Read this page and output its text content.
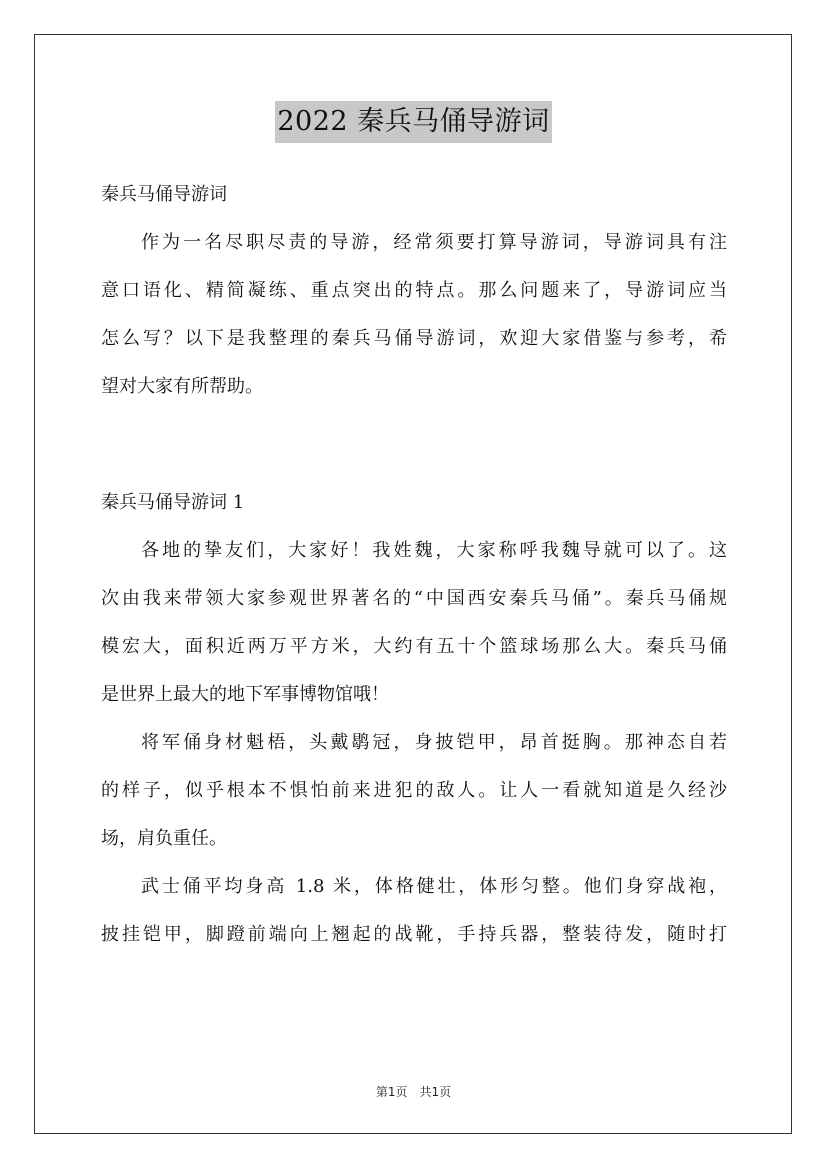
2022 秦兵马俑导游词
秦兵马俑导游词
作为一名尽职尽责的导游，经常须要打算导游词，导游词具有注
意口语化、精简凝练、重点突出的特点。那么问题来了，导游词应当
怎么写？以下是我整理的秦兵马俑导游词，欢迎大家借鉴与参考，希
望对大家有所帮助。
秦兵马俑导游词 1
各地的挚友们，大家好！我姓魏，大家称呼我魏导就可以了。这
次由我来带领大家参观世界著名的“中国西安秦兵马俑”。秦兵马俑规
模宏大，面积近两万平方米，大约有五十个篮球场那么大。秦兵马俑
是世界上最大的地下军事博物馆哦！
将军俑身材魁梧，头戴鹖冠，身披铠甲，昂首挺胸。那神态自若
的样子，似乎根本不惧怕前来进犯的敌人。让人一看就知道是久经沙
场，肩负重任。
武士俑平均身高 1.8 米，体格健壮，体形匀整。他们身穿战袍，
披挂铠甲，脚蹬前端向上翘起的战靴，手持兵器，整装待发，随时打
第1页　共1页
